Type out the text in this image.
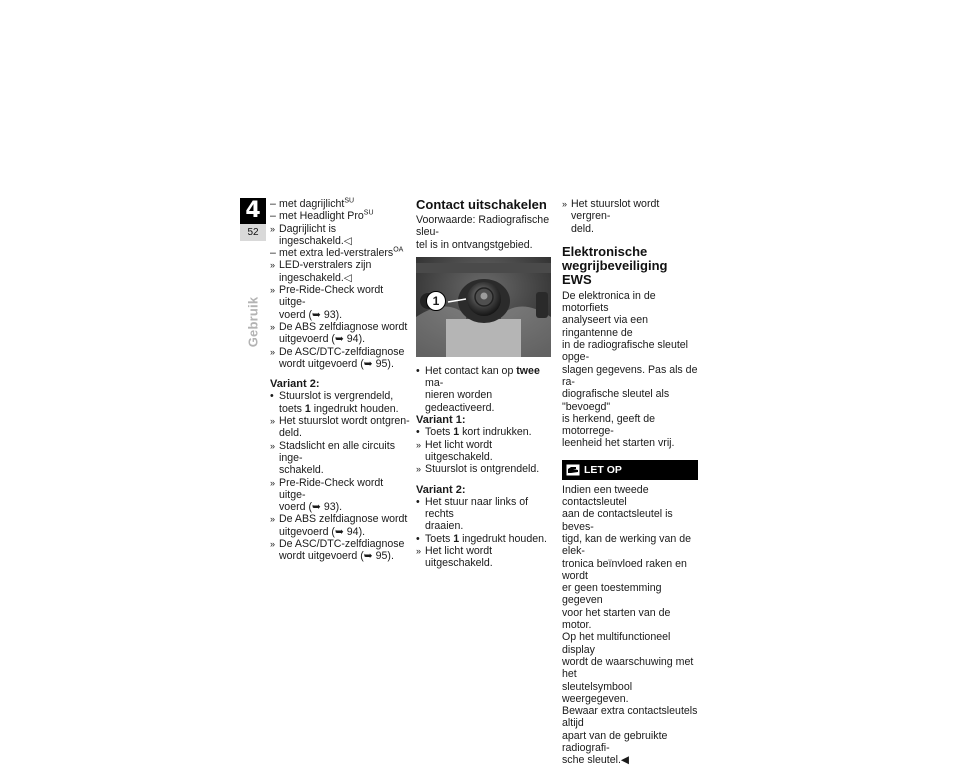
4
52
Gebruik
– met dagrijlicht$^{SU}$
– met Headlight Pro$^{SU}$
» Dagrijlicht is ingeschakeld.◁
– met extra led-verstralers$^{OA}$
» LED-verstralers zijn
ingeschakeld.◁
» Pre-Ride-Check wordt uitge-
voerd (➥ 93).
» De ABS zelfdiagnose wordt
uitgevoerd (➥ 94).
» De ASC/DTC-zelfdiagnose
wordt uitgevoerd (➥ 95).
Variant 2:
• Stuurslot is vergrendeld,
toets 1 ingedrukt houden.
» Het stuurslot wordt ontgren-
deld.
» Stadslicht en alle circuits inge-
schakeld.
» Pre-Ride-Check wordt uitge-
voerd (➥ 93).
» De ABS zelfdiagnose wordt
uitgevoerd (➥ 94).
» De ASC/DTC-zelfdiagnose
wordt uitgevoerd (➥ 95).
Contact uitschakelen
Voorwaarde: Radiografische sleu-
tel is in ontvangstgebied.
1
• Het contact kan op twee ma-
nieren worden gedeactiveerd.
Variant 1:
• Toets 1 kort indrukken.
» Het licht wordt uitgeschakeld.
» Stuurslot is ontgrendeld.
Variant 2:
• Het stuur naar links of rechts
draaien.
• Toets 1 ingedrukt houden.
» Het licht wordt uitgeschakeld.
» Het stuurslot wordt vergren-
deld.
Elektronische
wegrijbeveiliging EWS
De elektronica in de motorfiets
analyseert via een ringantenne de
in de radiografische sleutel opge-
slagen gegevens. Pas als de ra-
diografische sleutel als "bevoegd"
is herkend, geeft de motorrege-
leenheid het starten vrij.
LET OP
Indien een tweede contactsleutel
aan de contactsleutel is beves-
tigd, kan de werking van de elek-
tronica beïnvloed raken en wordt
er geen toestemming gegeven
voor het starten van de motor.
Op het multifunctioneel display
wordt de waarschuwing met het
sleutelsymbool weergegeven.
Bewaar extra contactsleutels altijd
apart van de gebruikte radiografi-
sche sleutel.◀
